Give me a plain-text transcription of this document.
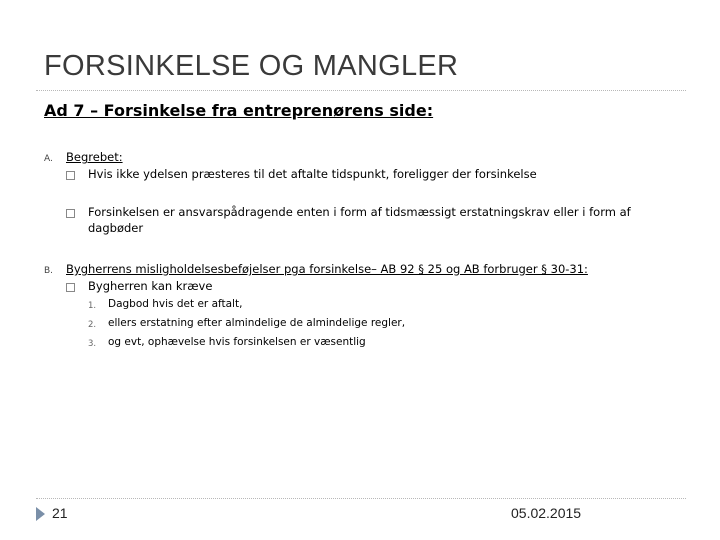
FORSINKELSE OG MANGLER
Ad 7 – Forsinkelse fra entreprenørens side:
A. Begrebet:
Hvis ikke ydelsen præsteres til det aftalte tidspunkt, foreligger der forsinkelse
Forsinkelsen er ansvarspådragende enten i form af tidsmæssigt erstatningskrav eller i form af dagbøder
B. Bygherrens misligholdelsesbeføjelser pga forsinkelse– AB 92 § 25 og AB forbruger § 30-31:
Bygherren kan kræve
1. Dagbod hvis det er aftalt,
2. ellers erstatning efter almindelige de almindelige regler,
3. og evt, ophævelse hvis forsinkelsen er væsentlig
21	05.02.2015
